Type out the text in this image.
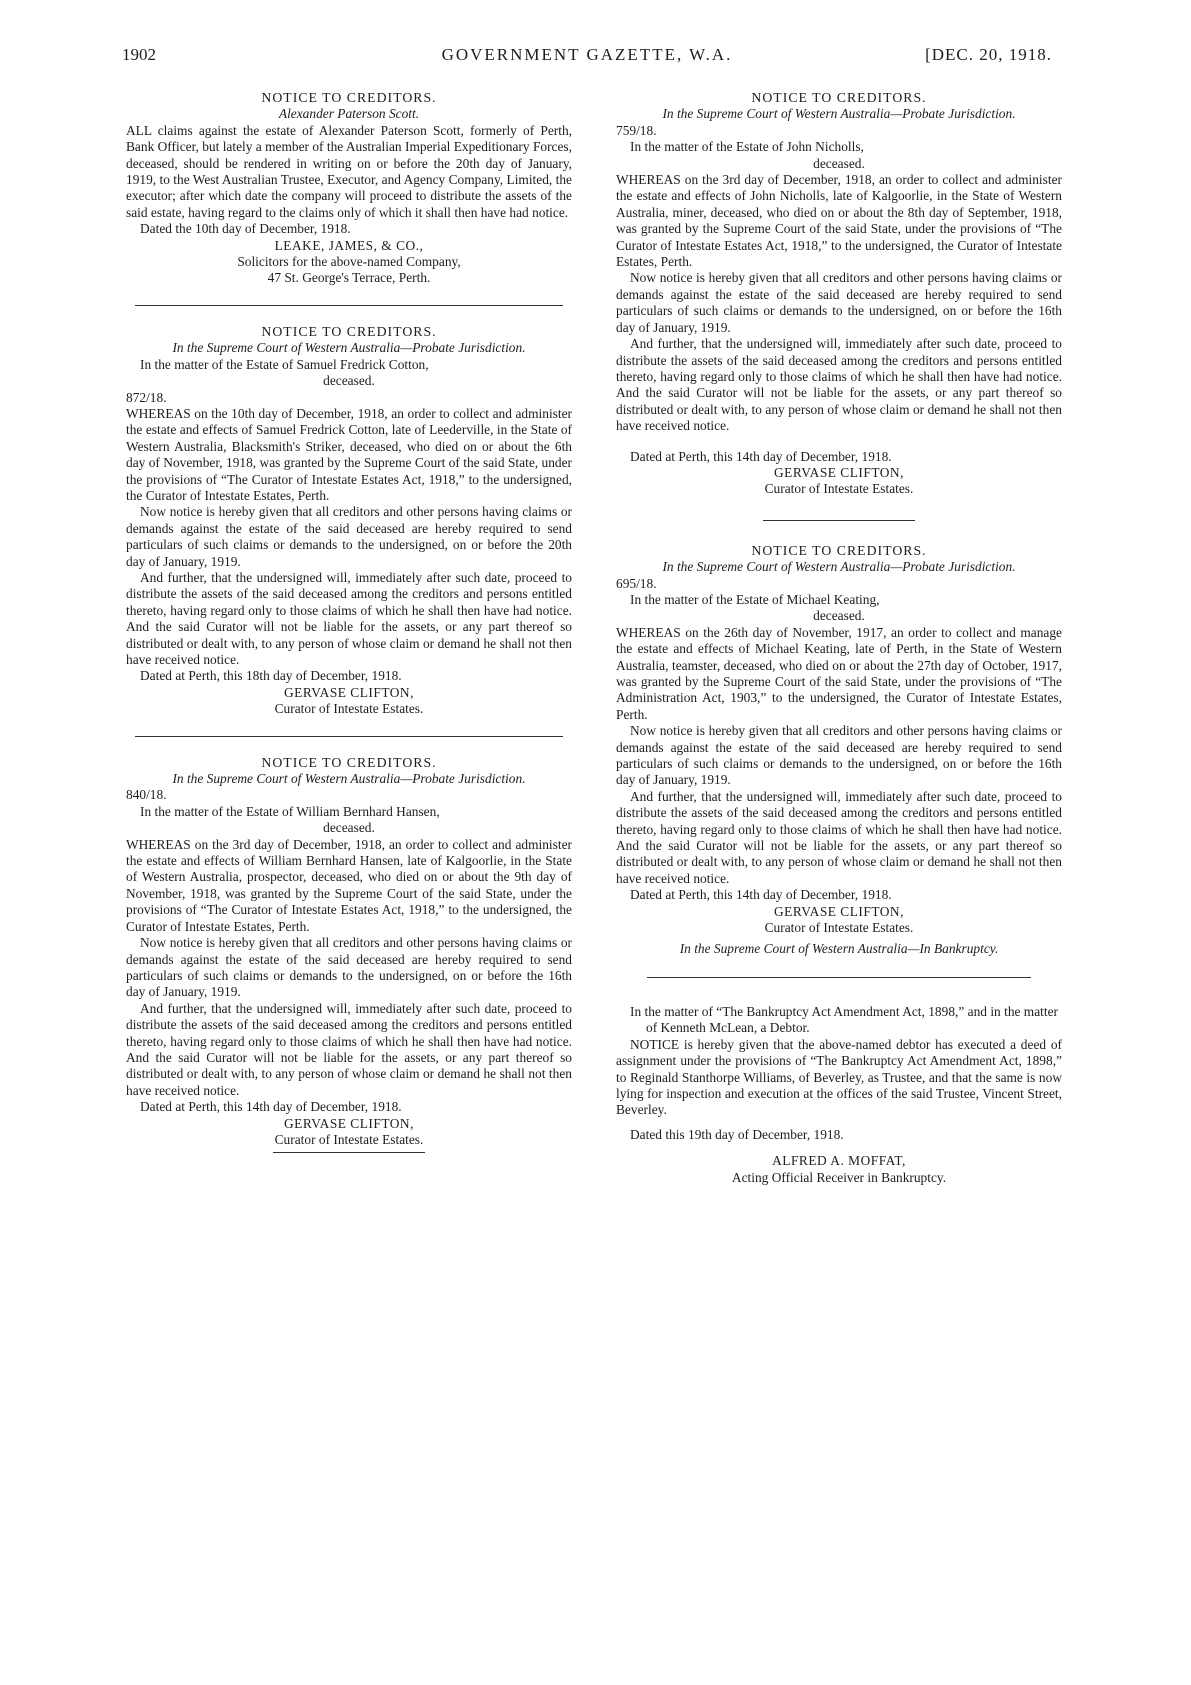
1902	GOVERNMENT GAZETTE, W.A.	[DEC. 20, 1918.

NOTICE TO CREDITORS.

Alexander Paterson Scott.

ALL claims against the estate of Alexander Paterson Scott, formerly of Perth, Bank Officer, but lately a member of the Australian Imperial Expeditionary Forces, deceased, should be rendered in writing on or before the 20th day of January, 1919, to the West Australian Trustee, Executor, and Agency Company, Limited, the executor; after which date the company will proceed to distribute the assets of the said estate, having regard to the claims only of which it shall then have had notice.

Dated the 10th day of December, 1918.

LEAKE, JAMES, & CO.,

Solicitors for the above-named Company,

47 St. George's Terrace, Perth.

NOTICE TO CREDITORS.

In the Supreme Court of Western Australia—Probate Jurisdiction.

In the matter of the Estate of Samuel Fredrick Cotton,
deceased.

872/18.

WHEREAS on the 10th day of December, 1918, an order to collect and administer the estate and effects of Samuel Fredrick Cotton, late of Leederville, in the State of Western Australia, Blacksmith's Striker, deceased, who died on or about the 6th day of November, 1918, was granted by the Supreme Court of the said State, under the provisions of “The Curator of Intestate Estates Act, 1918,” to the undersigned, the Curator of Intestate Estates, Perth.

Now notice is hereby given that all creditors and other persons having claims or demands against the estate of the said deceased are hereby required to send particulars of such claims or demands to the undersigned, on or before the 20th day of January, 1919.

And further, that the undersigned will, immediately after such date, proceed to distribute the assets of the said deceased among the creditors and persons entitled thereto, having regard only to those claims of which he shall then have had notice. And the said Curator will not be liable for the assets, or any part thereof so distributed or dealt with, to any person of whose claim or demand he shall not then have received notice.

Dated at Perth, this 18th day of December, 1918.

GERVASE CLIFTON,

Curator of Intestate Estates.

NOTICE TO CREDITORS.

In the Supreme Court of Western Australia—Probate Jurisdiction.

840/18.

In the matter of the Estate of William Bernhard Hansen,
deceased.

WHEREAS on the 3rd day of December, 1918, an order to collect and administer the estate and effects of William Bernhard Hansen, late of Kalgoorlie, in the State of Western Australia, prospector, deceased, who died on or about the 9th day of November, 1918, was granted by the Supreme Court of the said State, under the provisions of “The Curator of Intestate Estates Act, 1918,” to the undersigned, the Curator of Intestate Estates, Perth.

Now notice is hereby given that all creditors and other persons having claims or demands against the estate of the said deceased are hereby required to send particulars of such claims or demands to the undersigned, on or before the 16th day of January, 1919.

And further, that the undersigned will, immediately after such date, proceed to distribute the assets of the said deceased among the creditors and persons entitled thereto, having regard only to those claims of which he shall then have had notice. And the said Curator will not be liable for the assets, or any part thereof so distributed or dealt with, to any person of whose claim or demand he shall not then have received notice.

Dated at Perth, this 14th day of December, 1918.

GERVASE CLIFTON,

Curator of Intestate Estates.

NOTICE TO CREDITORS.

In the Supreme Court of Western Australia—Probate Jurisdiction.

759/18.

In the matter of the Estate of John Nicholls,
deceased.

WHEREAS on the 3rd day of December, 1918, an order to collect and administer the estate and effects of John Nicholls, late of Kalgoorlie, in the State of Western Australia, miner, deceased, who died on or about the 8th day of September, 1918, was granted by the Supreme Court of the said State, under the provisions of “The Curator of Intestate Estates Act, 1918,” to the undersigned, the Curator of Intestate Estates, Perth.

Now notice is hereby given that all creditors and other persons having claims or demands against the estate of the said deceased are hereby required to send particulars of such claims or demands to the undersigned, on or before the 16th day of January, 1919.

And further, that the undersigned will, immediately after such date, proceed to distribute the assets of the said deceased among the creditors and persons entitled thereto, having regard only to those claims of which he shall then have had notice. And the said Curator will not be liable for the assets, or any part thereof so distributed or dealt with, to any person of whose claim or demand he shall not then have received notice.

Dated at Perth, this 14th day of December, 1918.

GERVASE CLIFTON,

Curator of Intestate Estates.

NOTICE TO CREDITORS.

In the Supreme Court of Western Australia—Probate Jurisdiction.

695/18.

In the matter of the Estate of Michael Keating,
deceased.

WHEREAS on the 26th day of November, 1917, an order to collect and manage the estate and effects of Michael Keating, late of Perth, in the State of Western Australia, teamster, deceased, who died on or about the 27th day of October, 1917, was granted by the Supreme Court of the said State, under the provisions of “The Administration Act, 1903,” to the undersigned, the Curator of Intestate Estates, Perth.

Now notice is hereby given that all creditors and other persons having claims or demands against the estate of the said deceased are hereby required to send particulars of such claims or demands to the undersigned, on or before the 16th day of January, 1919.

And further, that the undersigned will, immediately after such date, proceed to distribute the assets of the said deceased among the creditors and persons entitled thereto, having regard only to those claims of which he shall then have had notice. And the said Curator will not be liable for the assets, or any part thereof so distributed or dealt with, to any person of whose claim or demand he shall not then have received notice.

Dated at Perth, this 14th day of December, 1918.

GERVASE CLIFTON,

Curator of Intestate Estates.

In the Supreme Court of Western Australia—In Bankruptcy.

In the matter of “The Bankruptcy Act Amendment Act, 1898,” and in the matter of Kenneth McLean, a Debtor.

NOTICE is hereby given that the above-named debtor has executed a deed of assignment under the provisions of “The Bankruptcy Act Amendment Act, 1898,” to Reginald Stanthorpe Williams, of Beverley, as Trustee, and that the same is now lying for inspection and execution at the offices of the said Trustee, Vincent Street, Beverley.

Dated this 19th day of December, 1918.

ALFRED A. MOFFAT,

Acting Official Receiver in Bankruptcy.
